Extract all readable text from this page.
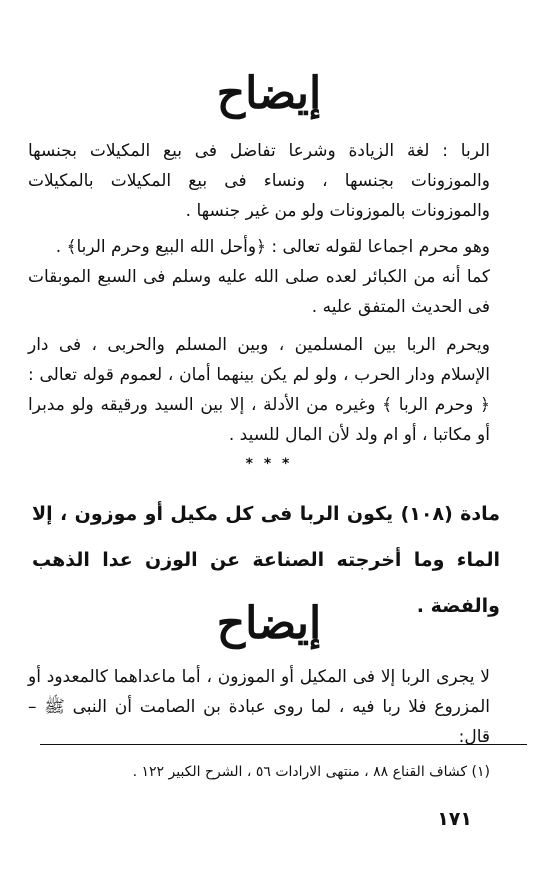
إيضاح
الربا : لغة الزيادة وشرعا تفاضل فى بيع المكيلات بجنسها والموزونات بجنسها ، ونساء فى بيع المكيلات بالمكيلات والموزونات بالموزونات ولو من غير جنسها .
وهو محرم اجماعا لقوله تعالى : ﴿وأحل الله البيع وحرم الربا﴾ .
كما أنه من الكبائر لعده صلى الله عليه وسلم فى السبع الموبقات فى الحديث المتفق عليه .
ويحرم الربا بين المسلمين ، وبين المسلم والحربى ، فى دار الإسلام ودار الحرب ، ولو لم يكن بينهما أمان ، لعموم قوله تعالى : ﴿ وحرم الربا ﴾ وغيره من الأدلة ، إلا بين السيد ورقيقه ولو مدبرا أو مكاتبا ، أو ام ولد لأن المال للسيد .
* * *
مادة (١٠٨) يكون الربا فى كل مكيل أو موزون ، إلا الماء وما أخرجته الصناعة عن الوزن عدا الذهب والفضة .
إيضاح
لا يجرى الربا إلا فى المكيل أو الموزون ، أما ماعداهما كالمعدود أو المزروع فلا ربا فيه ، لما روى عبادة بن الصامت أن النبى ﷺ – قال:
(١) كشاف القناع ٨٨ ، منتهى الارادات ٥٦ ، الشرح الكبير ١٢٢ .
١٧١
